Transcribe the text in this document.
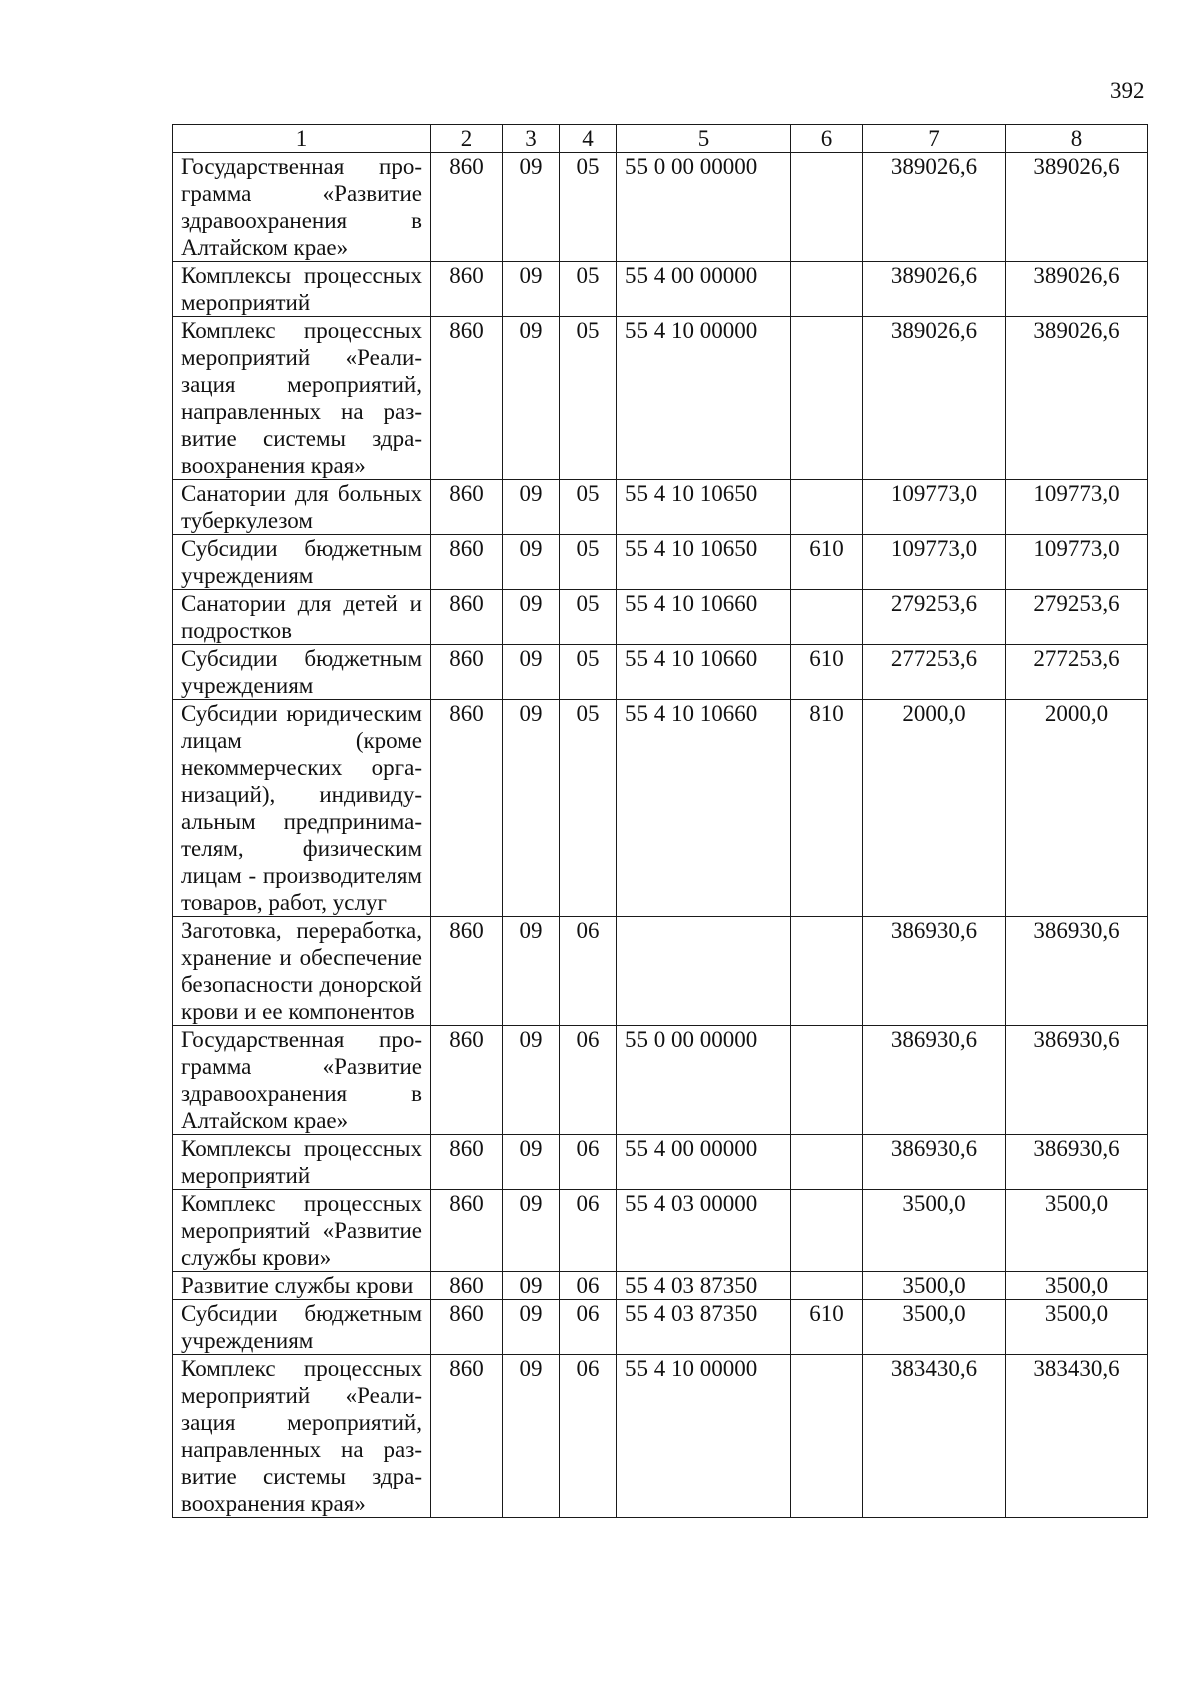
392
1	2	3	4	5	6	7	8
Государственная программа «Развитие здравоохранения в Алтайском крае»	860	09	05	55 0 00 00000		389026,6	389026,6
Комплексы процессных мероприятий	860	09	05	55 4 00 00000		389026,6	389026,6
Комплекс процессных мероприятий «Реализация мероприятий, направленных на развитие системы здравоохранения края»	860	09	05	55 4 10 00000		389026,6	389026,6
Санатории для больных туберкулезом	860	09	05	55 4 10 10650		109773,0	109773,0
Субсидии бюджетным учреждениям	860	09	05	55 4 10 10650	610	109773,0	109773,0
Санатории для детей и подростков	860	09	05	55 4 10 10660		279253,6	279253,6
Субсидии бюджетным учреждениям	860	09	05	55 4 10 10660	610	277253,6	277253,6
Субсидии юридическим лицам (кроме некоммерческих организаций), индивидуальным предпринимателям, физическим лицам - производителям товаров, работ, услуг	860	09	05	55 4 10 10660	810	2000,0	2000,0
Заготовка, переработка, хранение и обеспечение безопасности донорской крови и ее компонентов	860	09	06			386930,6	386930,6
Государственная программа «Развитие здравоохранения в Алтайском крае»	860	09	06	55 0 00 00000		386930,6	386930,6
Комплексы процессных мероприятий	860	09	06	55 4 00 00000		386930,6	386930,6
Комплекс процессных мероприятий «Развитие службы крови»	860	09	06	55 4 03 00000		3500,0	3500,0
Развитие службы крови	860	09	06	55 4 03 87350		3500,0	3500,0
Субсидии бюджетным учреждениям	860	09	06	55 4 03 87350	610	3500,0	3500,0
Комплекс процессных мероприятий «Реализация мероприятий, направленных на развитие системы здравоохранения края»	860	09	06	55 4 10 00000		383430,6	383430,6
